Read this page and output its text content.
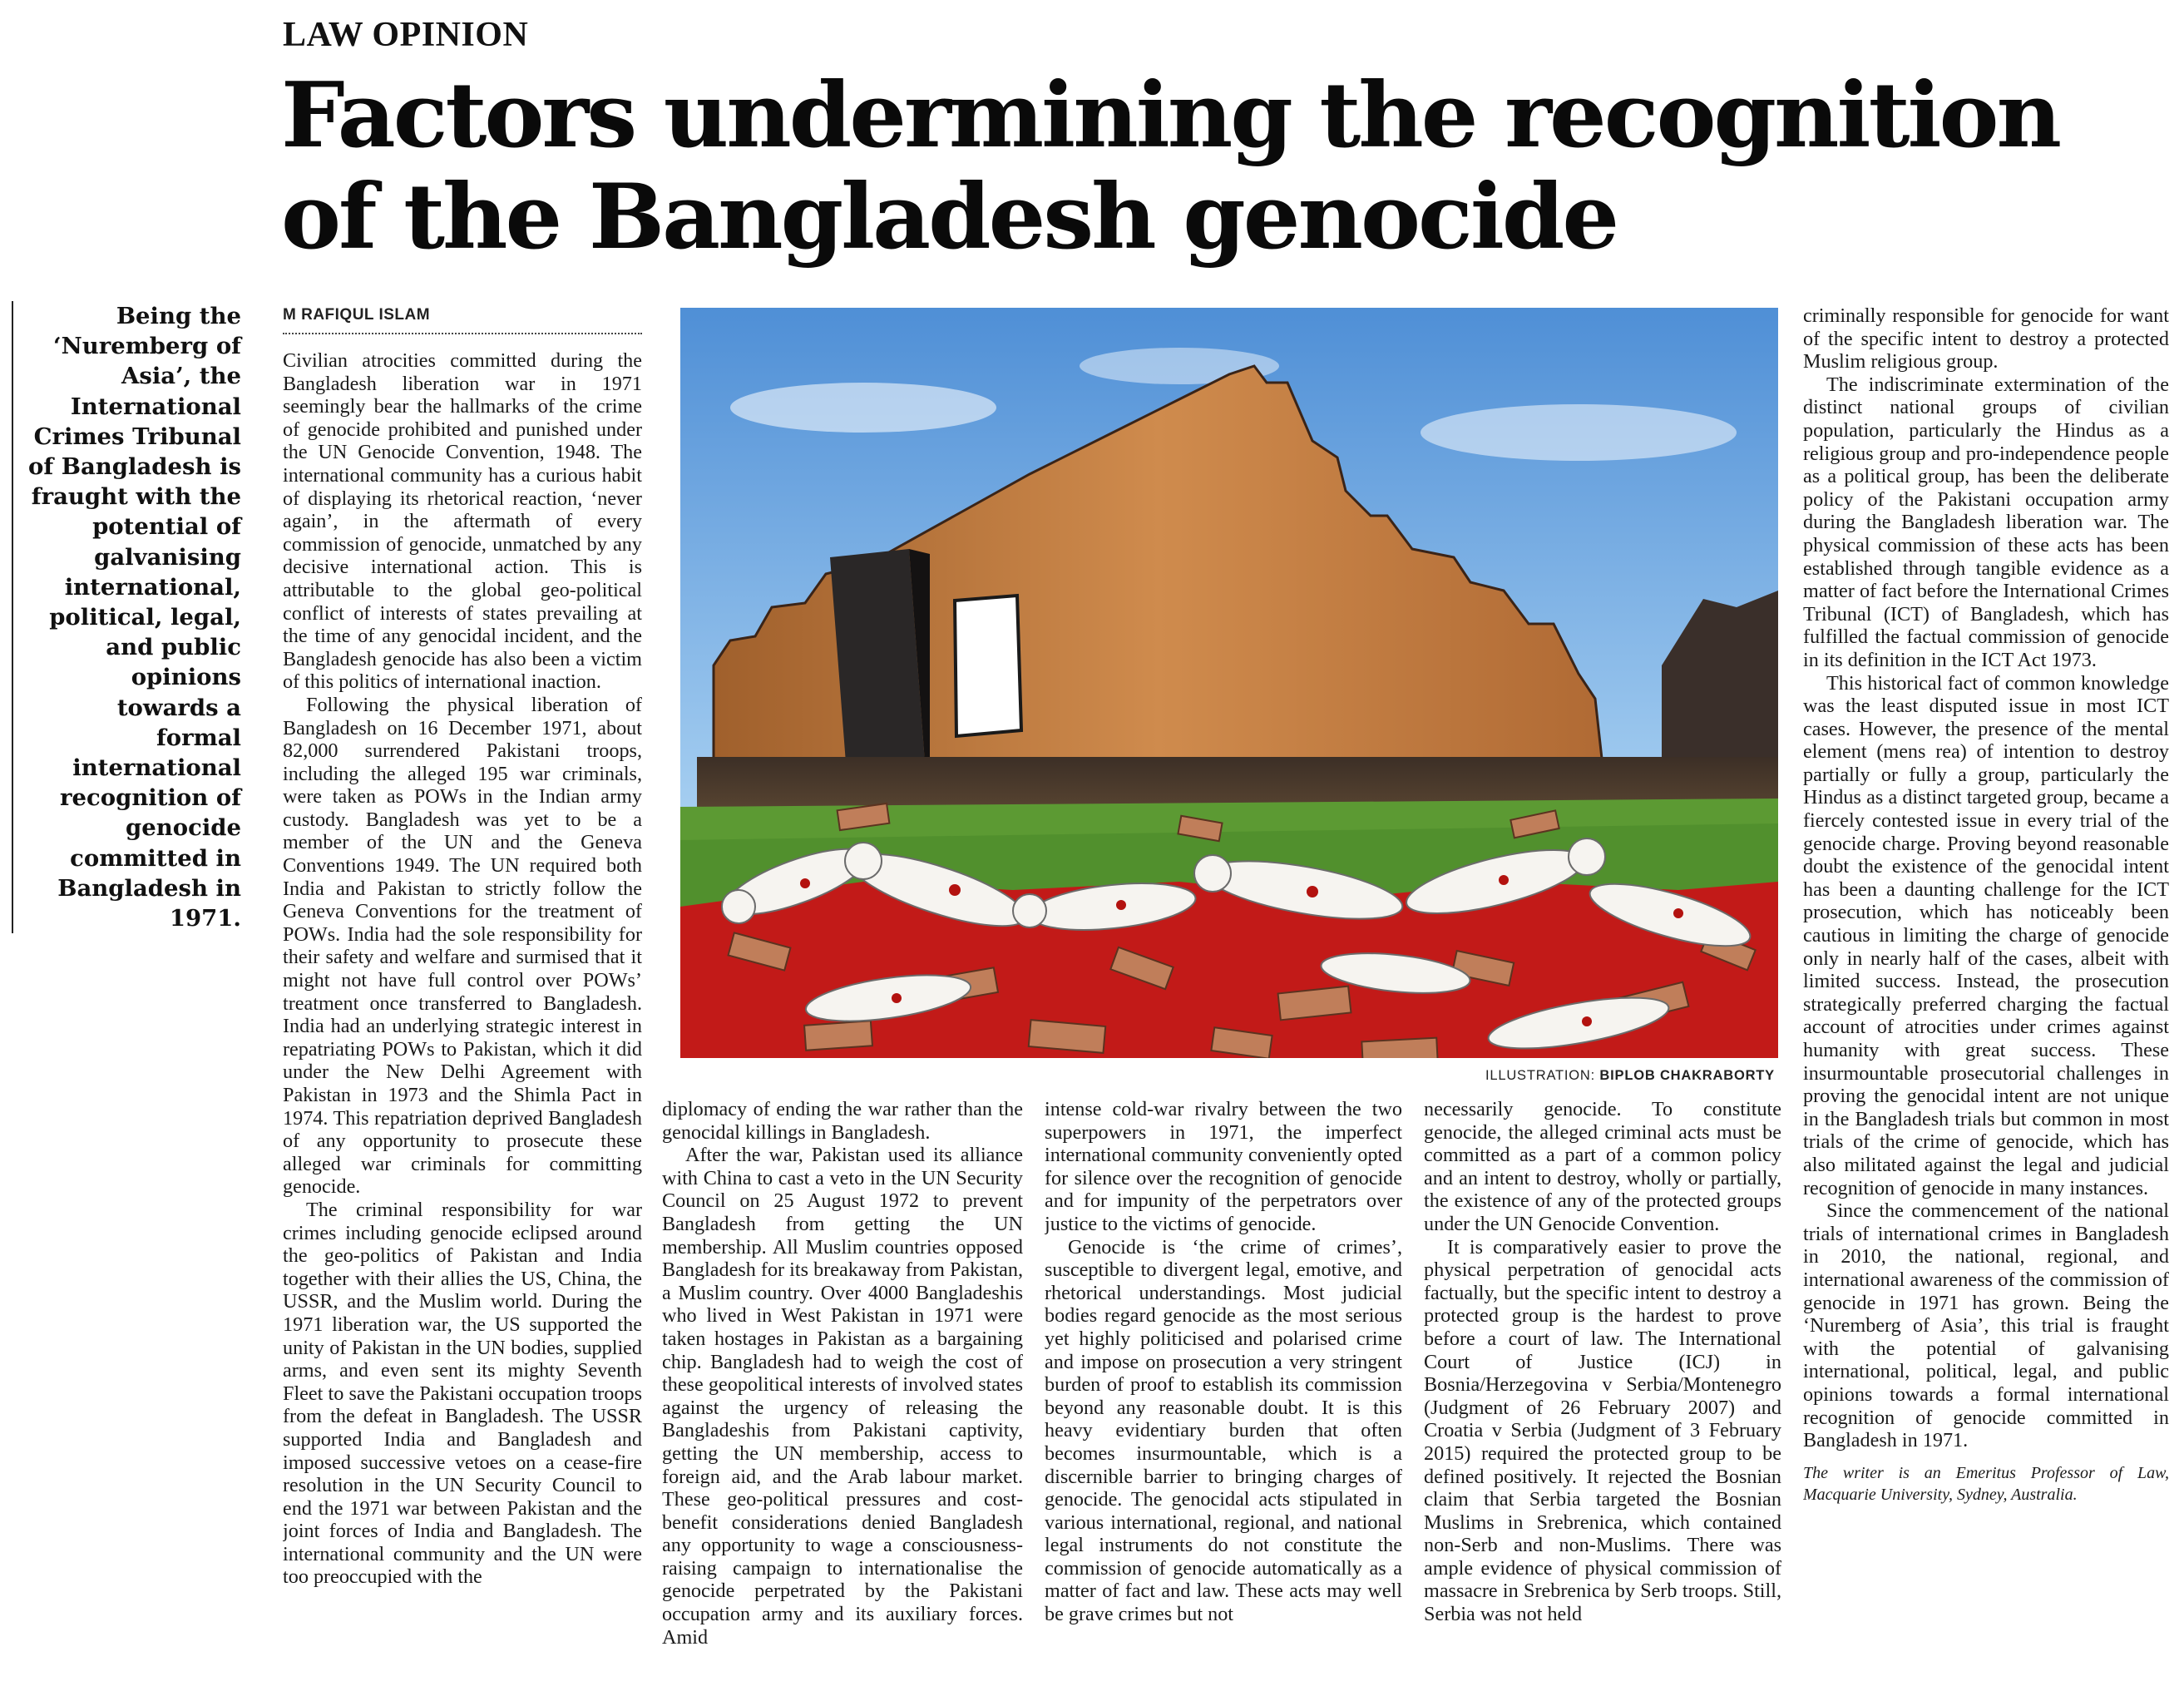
LAW OPINION
Factors undermining the recognition
of the Bangladesh genocide
Being the ‘Nuremberg of Asia’, the International Crimes Tribunal of Bangladesh is fraught with the potential of galvanising international, political, legal, and public opinions towards a formal international recognition of genocide committed in Bangladesh in 1971.
M RAFIQUL ISLAM

Civilian atrocities committed during the Bangladesh liberation war in 1971 seemingly bear the hallmarks of the crime of genocide prohibited and punished under the UN Genocide Convention, 1948. The international community has a curious habit of displaying its rhetorical reaction, ‘never again’, in the aftermath of every commission of genocide, unmatched by any decisive international action. This is attributable to the global geo-political conflict of interests of states prevailing at the time of any genocidal incident, and the Bangladesh genocide has also been a victim of this politics of international inaction.

Following the physical liberation of Bangladesh on 16 December 1971, about 82,000 surrendered Pakistani troops, including the alleged 195 war criminals, were taken as POWs in the Indian army custody. Bangladesh was yet to be a member of the UN and the Geneva Conventions 1949. The UN required both India and Pakistan to strictly follow the Geneva Conventions for the treatment of POWs. India had the sole responsibility for their safety and welfare and surmised that it might not have full control over POWs’ treatment once transferred to Bangladesh. India had an underlying strategic interest in repatriating POWs to Pakistan, which it did under the New Delhi Agreement with Pakistan in 1973 and the Shimla Pact in 1974. This repatriation deprived Bangladesh of any opportunity to prosecute these alleged war criminals for committing genocide.

The criminal responsibility for war crimes including genocide eclipsed around the geo-politics of Pakistan and India together with their allies the US, China, the USSR, and the Muslim world. During the 1971 liberation war, the US supported the unity of Pakistan in the UN bodies, supplied arms, and even sent its mighty Seventh Fleet to save the Pakistani occupation troops from the defeat in Bangladesh. The USSR supported India and Bangladesh and imposed successive vetoes on a cease-fire resolution in the UN Security Council to end the 1971 war between Pakistan and the joint forces of India and Bangladesh. The international community and the UN were too preoccupied with the

ILLUSTRATION: BIPLOB CHAKRABORTY

diplomacy of ending the war rather than the genocidal killings in Bangladesh.

After the war, Pakistan used its alliance with China to cast a veto in the UN Security Council on 25 August 1972 to prevent Bangladesh from getting the UN membership. All Muslim countries opposed Bangladesh for its breakaway from Pakistan, a Muslim country. Over 4000 Bangladeshis who lived in West Pakistan in 1971 were taken hostages in Pakistan as a bargaining chip. Bangladesh had to weigh the cost of these geopolitical interests of involved states against the urgency of releasing the Bangladeshis from Pakistani captivity, getting the UN membership, access to foreign aid, and the Arab labour market. These geo-political pressures and cost-benefit considerations denied Bangladesh any opportunity to wage a consciousness-raising campaign to internationalise the genocide perpetrated by the Pakistani occupation army and its auxiliary forces. Amid

intense cold-war rivalry between the two superpowers in 1971, the imperfect international community conveniently opted for silence over the recognition of genocide and for impunity of the perpetrators over justice to the victims of genocide.

Genocide is ‘the crime of crimes’, susceptible to divergent legal, emotive, and rhetorical understandings. Most judicial bodies regard genocide as the most serious yet highly politicised and polarised crime and impose on prosecution a very stringent burden of proof to establish its commission beyond any reasonable doubt. It is this heavy evidentiary burden that often becomes insurmountable, which is a discernible barrier to bringing charges of genocide. The genocidal acts stipulated in various international, regional, and national legal instruments do not constitute the commission of genocide automatically as a matter of fact and law. These acts may well be grave crimes but not

necessarily genocide. To constitute genocide, the alleged criminal acts must be committed as a part of a common policy and an intent to destroy, wholly or partially, the existence of any of the protected groups under the UN Genocide Convention.

It is comparatively easier to prove the physical perpetration of genocidal acts factually, but the specific intent to destroy a protected group is the hardest to prove before a court of law. The International Court of Justice (ICJ) in Bosnia/Herzegovina v Serbia/Montenegro (Judgment of 26 February 2007) and Croatia v Serbia (Judgment of 3 February 2015) required the protected group to be defined positively. It rejected the Bosnian claim that Serbia targeted the Bosnian Muslims in Srebrenica, which contained non-Serb and non-Muslims. There was ample evidence of physical commission of massacre in Srebrenica by Serb troops. Still, Serbia was not held

criminally responsible for genocide for want of the specific intent to destroy a protected Muslim religious group.

The indiscriminate extermination of the distinct national groups of civilian population, particularly the Hindus as a religious group and pro-independence people as a political group, has been the deliberate policy of the Pakistani occupation army during the Bangladesh liberation war. The physical commission of these acts has been established through tangible evidence as a matter of fact before the International Crimes Tribunal (ICT) of Bangladesh, which has fulfilled the factual commission of genocide in its definition in the ICT Act 1973.

This historical fact of common knowledge was the least disputed issue in most ICT cases. However, the presence of the mental element (mens rea) of intention to destroy partially or fully a group, particularly the Hindus as a distinct targeted group, became a fiercely contested issue in every trial of the genocide charge. Proving beyond reasonable doubt the existence of the genocidal intent has been a daunting challenge for the ICT prosecution, which has noticeably been cautious in limiting the charge of genocide only in nearly half of the cases, albeit with limited success. Instead, the prosecution strategically preferred charging the factual account of atrocities under crimes against humanity with great success. These insurmountable prosecutorial challenges in proving the genocidal intent are not unique in the Bangladesh trials but common in most trials of the crime of genocide, which has also militated against the legal and judicial recognition of genocide in many instances.

Since the commencement of the national trials of international crimes in Bangladesh in 2010, the national, regional, and international awareness of the commission of genocide in 1971 has grown. Being the ‘Nuremberg of Asia’, this trial is fraught with the potential of galvanising international, political, legal, and public opinions towards a formal international recognition of genocide committed in Bangladesh in 1971.

The writer is an Emeritus Professor of Law, Macquarie University, Sydney, Australia.
